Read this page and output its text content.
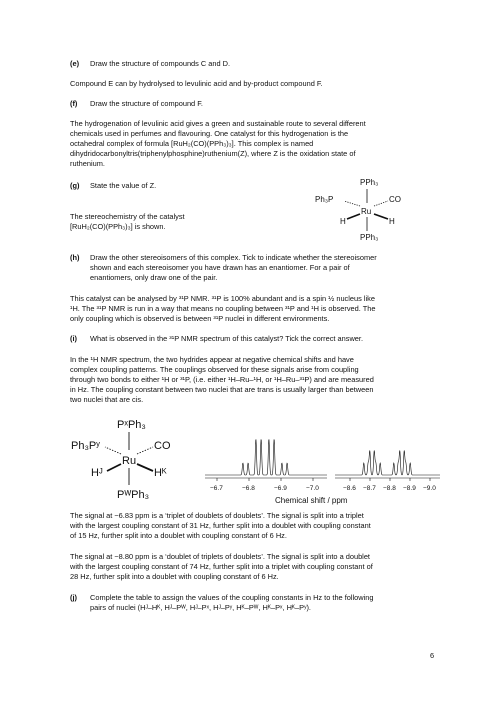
(e) Draw the structure of compounds C and D.
Compound E can by hydrolysed to levulinic acid and by-product compound F.
(f) Draw the structure of compound F.
The hydrogenation of levulinic acid gives a green and sustainable route to several different
chemicals used in perfumes and flavouring. One catalyst for this hydrogenation is the
octahedral complex of formula [RuH₂(CO)(PPh₃)₃]. This complex is named
dihydridocarbonyltris(triphenylphosphine)ruthenium(Z), where Z is the oxidation state of
ruthenium.
(g) State the value of Z.
The stereochemistry of the catalyst
[RuH₂(CO)(PPh₃)₃] is shown.
PPh₃
Ph₃P	CO
Ru
H	H
PPh₃
(h) Draw the other stereoisomers of this complex. Tick to indicate whether the stereoisomer
shown and each stereoisomer you have drawn has an enantiomer. For a pair of
enantiomers, only draw one of the pair.
This catalyst can be analysed by ³¹P NMR. ³¹P is 100% abundant and is a spin ½ nucleus like
¹H. The ³¹P NMR is run in a way that means no coupling between ³¹P and ¹H is observed. The
only coupling which is observed is between ³¹P nuclei in different environments.
(i) What is observed in the ³¹P NMR spectrum of this catalyst? Tick the correct answer.
In the ¹H NMR spectrum, the two hydrides appear at negative chemical shifts and have
complex coupling patterns. The couplings observed for these signals arise from coupling
through two bonds to either ¹H or ³¹P, (i.e. either ¹H–Ru–¹H, or ¹H–Ru–³¹P) and are measured
in Hz. The coupling constant between two nuclei that are trans is usually larger than between
two nuclei that are cis.
PˣPh₃
Ph₃Pʸ	CO
Ru
Hᴶ	Hᴷ
PᵂPh₃
−6.7	−6.8	−6.9	−7.0	−8.6 −8.7 −8.8 −8.9 −9.0
Chemical shift / ppm
The signal at −6.83 ppm is a ‘triplet of doublets of doublets’. The signal is split into a triplet
with the largest coupling constant of 31 Hz, further split into a doublet with coupling constant
of 15 Hz, further split into a doublet with coupling constant of 6 Hz.
The signal at −8.80 ppm is a ‘doublet of triplets of doublets’. The signal is split into a doublet
with the largest coupling constant of 74 Hz, further split into a triplet with coupling constant of
28 Hz, further split into a doublet with coupling constant of 6 Hz.
(j) Complete the table to assign the values of the coupling constants in Hz to the following
pairs of nuclei (Hᴶ–Hᴷ, Hᴶ–Pᵂ, Hᴶ–Pˣ, Hᴶ–Pʸ, Hᴷ–Pᵂ, Hᴷ–Pˣ, Hᴷ–Pʸ).
6
